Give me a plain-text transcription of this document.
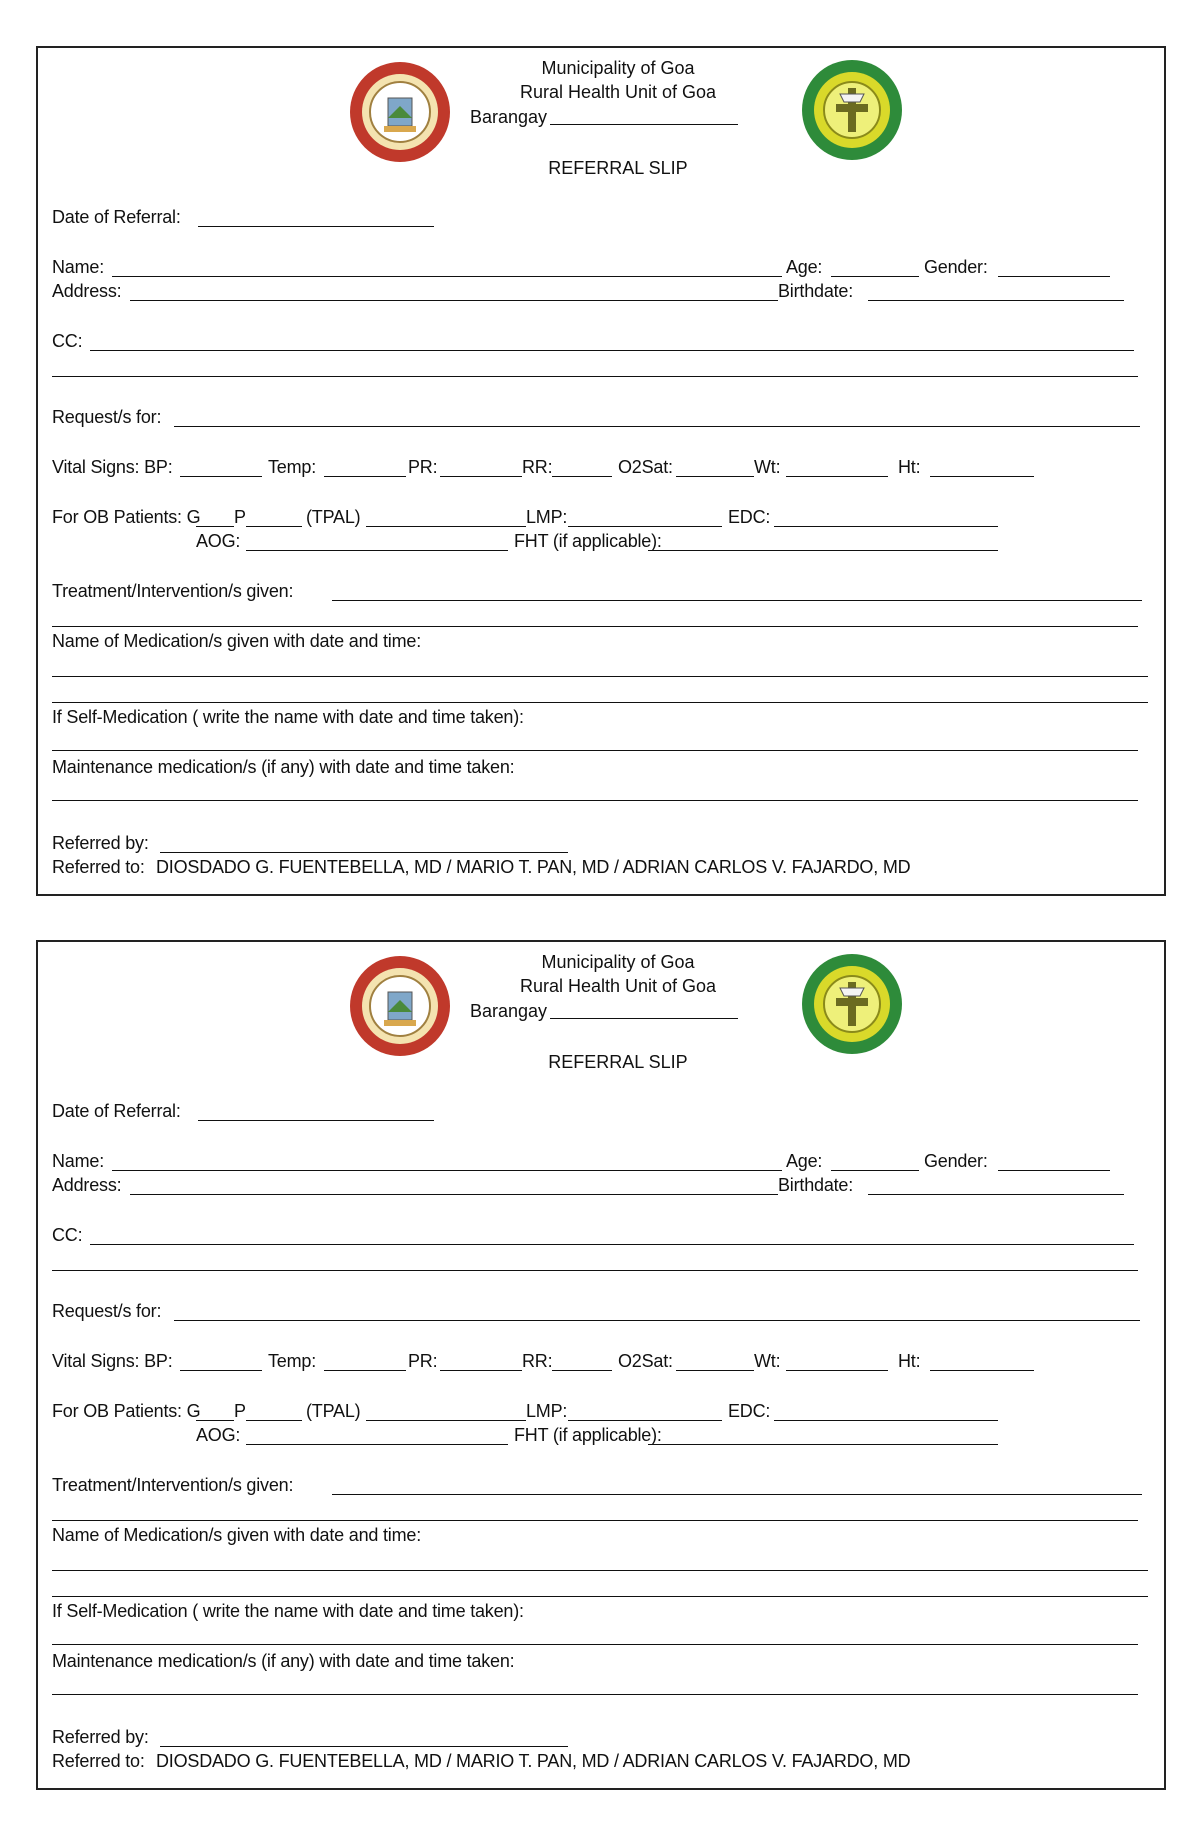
Municipality of Goa
Rural Health Unit of Goa
Barangay
REFERRAL SLIP
Date of Referral:
Name:	Age:	Gender:
Address:	Birthdate:
CC:
Request/s for:
Vital Signs: BP:	Temp:	PR:	RR:	O2Sat:	Wt:	Ht:
For OB Patients: G P	(TPAL)	LMP:	EDC:
AOG:	FHT (if applicable):
Treatment/Intervention/s given:
Name of Medication/s given with date and time:
If Self-Medication ( write the name with date and time taken):
Maintenance medication/s (if any) with date and time taken:
Referred by:
Referred to: DIOSDADO G. FUENTEBELLA, MD / MARIO T. PAN, MD / ADRIAN CARLOS V. FAJARDO, MD
Municipality of Goa
Rural Health Unit of Goa
Barangay
REFERRAL SLIP
Date of Referral:
Name:	Age:	Gender:
Address:	Birthdate:
CC:
Request/s for:
Vital Signs: BP:	Temp:	PR:	RR:	O2Sat:	Wt:	Ht:
For OB Patients: G P	(TPAL)	LMP:	EDC:
AOG:	FHT (if applicable):
Treatment/Intervention/s given:
Name of Medication/s given with date and time:
If Self-Medication ( write the name with date and time taken):
Maintenance medication/s (if any) with date and time taken:
Referred by:
Referred to: DIOSDADO G. FUENTEBELLA, MD / MARIO T. PAN, MD / ADRIAN CARLOS V. FAJARDO, MD
